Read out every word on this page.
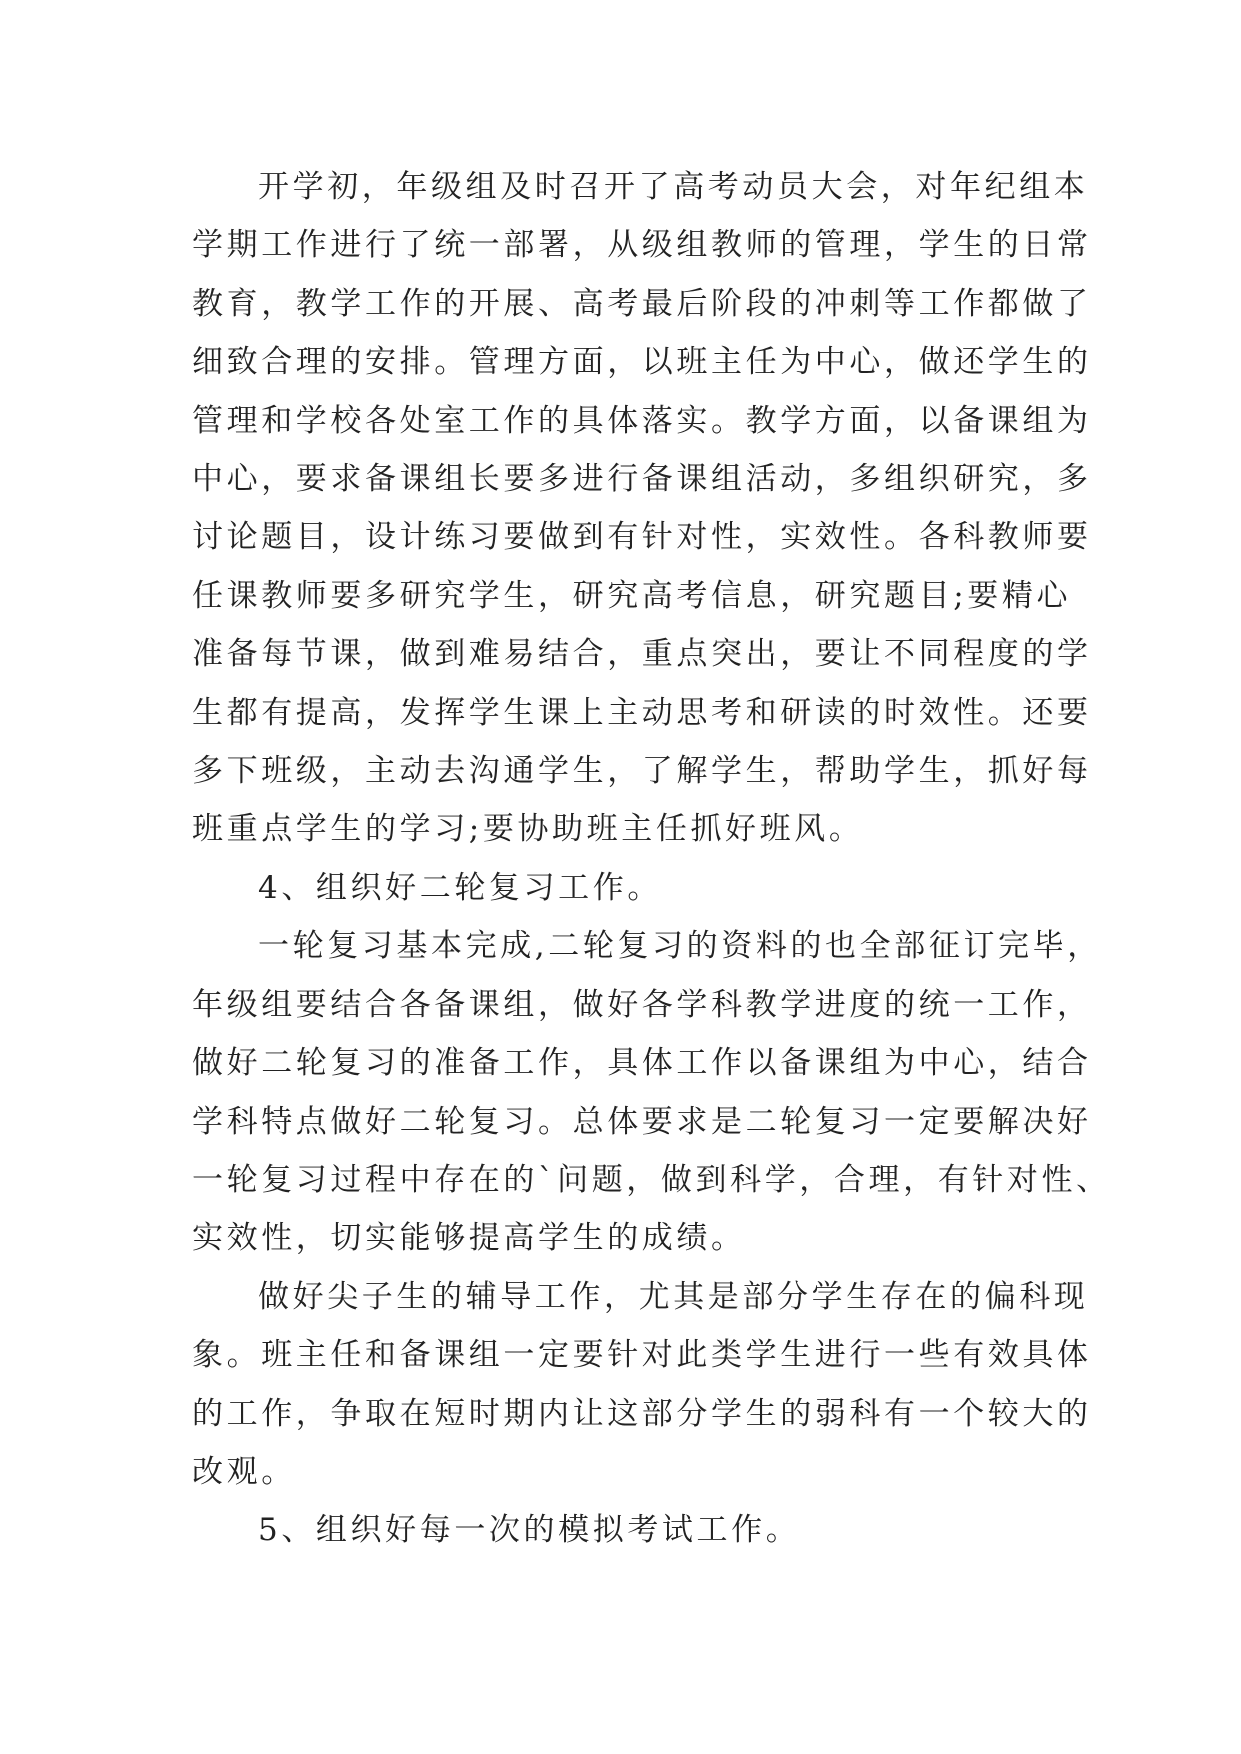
开学初，年级组及时召开了高考动员大会，对年纪组本
学期工作进行了统一部署，从级组教师的管理，学生的日常
教育，教学工作的开展、高考最后阶段的冲刺等工作都做了
细致合理的安排。管理方面，以班主任为中心，做还学生的
管理和学校各处室工作的具体落实。教学方面，以备课组为
中心，要求备课组长要多进行备课组活动，多组织研究，多
讨论题目，设计练习要做到有针对性，实效性。各科教师要
任课教师要多研究学生，研究高考信息，研究题目;要精心
准备每节课，做到难易结合，重点突出，要让不同程度的学
生都有提高，发挥学生课上主动思考和研读的时效性。还要
多下班级，主动去沟通学生，了解学生，帮助学生，抓好每
班重点学生的学习;要协助班主任抓好班风。

4、组织好二轮复习工作。

一轮复习基本完成,二轮复习的资料的也全部征订完毕，
年级组要结合各备课组，做好各学科教学进度的统一工作，
做好二轮复习的准备工作，具体工作以备课组为中心，结合
学科特点做好二轮复习。总体要求是二轮复习一定要解决好
一轮复习过程中存在的`问题，做到科学，合理，有针对性、
实效性，切实能够提高学生的成绩。

做好尖子生的辅导工作，尤其是部分学生存在的偏科现
象。班主任和备课组一定要针对此类学生进行一些有效具体
的工作，争取在短时期内让这部分学生的弱科有一个较大的
改观。

5、组织好每一次的模拟考试工作。
